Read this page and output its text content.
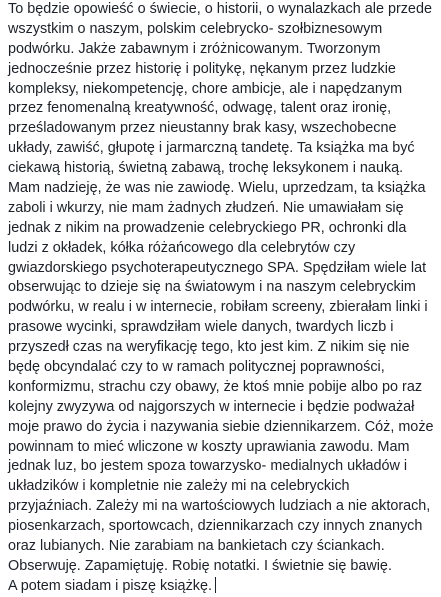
To będzie opowieść o świecie, o historii, o wynalazkach ale przede
wszystkim o naszym, polskim celebrycko- szołbiznesowym
podwórku. Jakże zabawnym i zróżnicowanym. Tworzonym
jednocześnie przez historię i politykę, nękanym przez ludzkie
kompleksy, niekompetencję, chore ambicje, ale i napędzanym
przez fenomenalną kreatywność, odwagę, talent oraz ironię,
prześladowanym przez nieustanny brak kasy, wszechobecne
układy, zawiść, głupotę i jarmarczną tandetę. Ta książka ma być
ciekawą historią, świetną zabawą, trochę leksykonem i nauką.
Mam nadzieję, że was nie zawiodę. Wielu, uprzedzam, ta książka
zaboli i wkurzy, nie mam żadnych złudzeń. Nie umawiałam się
jednak z nikim na prowadzenie celebryckiego PR, ochronki dla
ludzi z okładek, kółka różańcowego dla celebrytów czy
gwiazdorskiego psychoterapeutycznego SPA. Spędziłam wiele lat
obserwując to dzieje się na światowym i na naszym celebryckim
podwórku, w realu i w internecie, robiłam screeny, zbierałam linki i
prasowe wycinki, sprawdziłam wiele danych, twardych liczb i
przyszedł czas na weryfikację tego, kto jest kim. Z nikim się nie
będę obcyndalać czy to w ramach politycznej poprawności,
konformizmu, strachu czy obawy, że ktoś mnie pobije albo po raz
kolejny zwyzywa od najgorszych w internecie i będzie podważał
moje prawo do życia i nazywania siebie dziennikarzem. Cóż, może
powinnam to mieć wliczone w koszty uprawiania zawodu. Mam
jednak luz, bo jestem spoza towarzysko- medialnych układów i
układzików i kompletnie nie zależy mi na celebryckich
przyjaźniach. Zależy mi na wartościowych ludziach a nie aktorach,
piosenkarzach, sportowcach, dziennikarzach czy innych znanych
oraz lubianych. Nie zarabiam na bankietach czy ściankach.
Obserwuję. Zapamiętuję. Robię notatki. I świetnie się bawię.
A potem siadam i piszę książkę.
